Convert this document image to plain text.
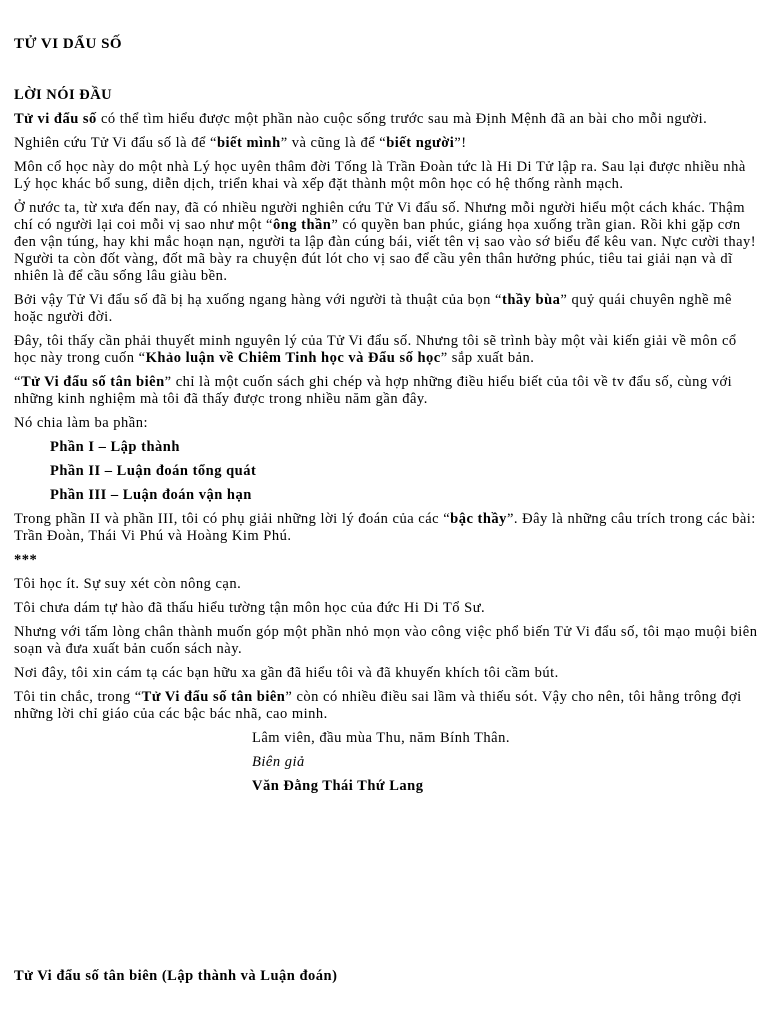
TỬ VI DẨU SỐ
LỜI NÓI ĐẦU

Tử vi đẩu số có thể tìm hiểu được một phần nào cuộc sống trước sau mà Định Mệnh đã an bài cho mỗi người.

Nghiên cứu Tử Vi đẩu số là để “biết mình” và cũng là để “biết người”!

Môn cổ học này do một nhà Lý học uyên thâm đời Tống là Trần Đoàn tức là Hi Di Tử lập ra. Sau lại được nhiều nhà Lý học khác bổ sung, diễn dịch, triển khai và xếp đặt thành một môn học có hệ thống rành mạch.

Ở nước ta, từ xưa đến nay, đã có nhiều người nghiên cứu Tử Vi đẩu số. Nhưng mỗi người hiểu một cách khác. Thậm chí có người lại coi mỗi vị sao như một “ông thần” có quyền ban phúc, giáng họa xuống trần gian. Rồi khi gặp cơn đen vận túng, hay khi mắc hoạn nạn, người ta lập đàn cúng bái, viết tên vị sao vào sớ biểu để kêu van. Nực cười thay! Người ta còn đốt vàng, đốt mã bày ra chuyện đút lót cho vị sao để cầu yên thân hưởng phúc, tiêu tai giải nạn và dĩ nhiên là để cầu sống lâu giàu bền.

Bởi vậy Tử Vi đẩu số đã bị hạ xuống ngang hàng với người tà thuật của bọn “thầy bùa” quỷ quái chuyên nghề mê hoặc người đời.

Đây, tôi thấy cần phải thuyết minh nguyên lý của Tử Vi đẩu số. Nhưng tôi sẽ trình bày một vài kiến giải về môn cổ học này trong cuốn “Khảo luận về Chiêm Tinh học và Đẩu số học” sắp xuất bản.

“Tử Vi đẩu số tân biên” chỉ là một cuốn sách ghi chép và hợp những điều hiểu biết của tôi về tv đẩu số, cùng với những kinh nghiệm mà tôi đã thấy được trong nhiều năm gần đây.

Nó chia làm ba phần:

Phần I – Lập thành

Phần II – Luận đoán tổng quát

Phần III – Luận đoán vận hạn

Trong phần II và phần III, tôi có phụ giải những lời lý đoán của các “bậc thầy”. Đây là những câu trích trong các bài: Trần Đoàn, Thái Vi Phú và Hoàng Kim Phú.

***

Tôi học ít. Sự suy xét còn nông cạn.

Tôi chưa dám tự hào đã thấu hiểu tường tận môn học của đức Hi Di Tổ Sư.

Nhưng với tấm lòng chân thành muốn góp một phần nhỏ mọn vào công việc phổ biến Tử Vi đẩu số, tôi mạo muội biên soạn và đưa xuất bản cuốn sách này.

Nơi đây, tôi xin cám tạ các bạn hữu xa gần đã hiểu tôi và đã khuyến khích tôi cầm bút.

Tôi tin chắc, trong “Tử Vi đẩu số tân biên” còn có nhiều điều sai lầm và thiếu sót. Vậy cho nên, tôi hằng trông đợi những lời chỉ giáo của các bậc bác nhã, cao minh.

Lâm viên, đầu mùa Thu, năm Bính Thân.

Biên giả

Văn Đằng Thái Thứ Lang

Tử Vi đẩu số tân biên (Lập thành và Luận đoán)
